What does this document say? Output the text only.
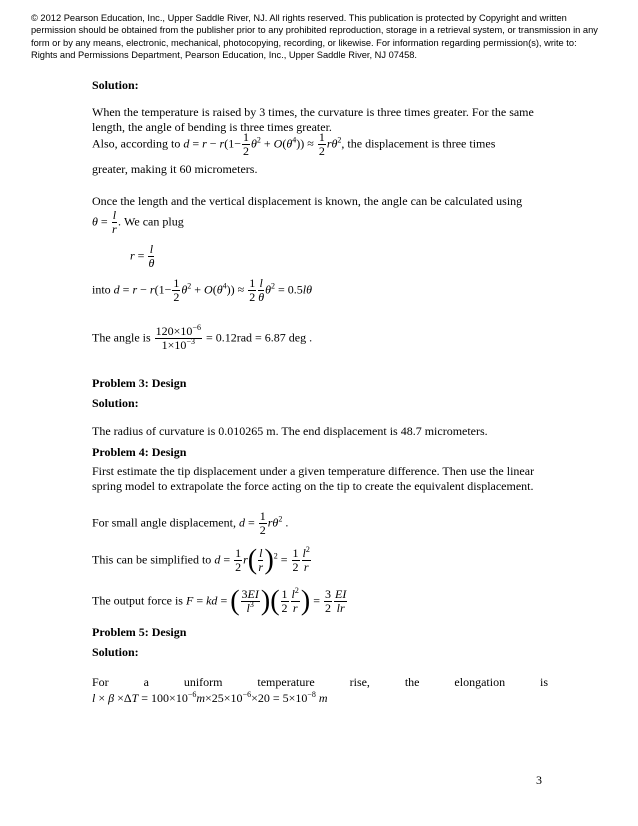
© 2012 Pearson Education, Inc., Upper Saddle River, NJ. All rights reserved. This publication is protected by Copyright and written permission should be obtained from the publisher prior to any prohibited reproduction, storage in a retrieval system, or transmission in any form or by any means, electronic, mechanical, photocopying, recording, or likewise. For information regarding permission(s), write to: Rights and Permissions Department, Pearson Education, Inc., Upper Saddle River, NJ 07458.
Solution:
When the temperature is raised by 3 times, the curvature is three times greater. For the same length, the angle of bending is three times greater.
Also, according to $d = r - r(1- \frac{1}{2} \theta^2 + O(\theta^4)) \approx \frac{1}{2} r\theta^2$, the displacement is three times
greater, making it 60 micrometers.
Once the length and the vertical displacement is known, the angle can be calculated using
$\theta = \frac{l}{r}$ . We can plug
$r = \frac{l}{\theta}$
into $d = r - r(1- \frac{1}{2} \theta^2 + O(\theta^4)) \approx \frac{1}{2} \frac{l}{\theta} \theta^2 = 0.5l\theta$
The angle is $\frac{120\times 10^{-6}}{1\times 10^{-3}} = 0.12rad = 6.87$ deg .
Problem 3: Design
Solution:
The radius of curvature is 0.010265 m. The end displacement is 48.7 micrometers.
Problem 4: Design
First estimate the tip displacement under a given temperature difference. Then use the linear spring model to extrapolate the force acting on the tip to create the equivalent displacement.
For small angle displacement, $d = \frac{1}{2} r\theta^2$ .
This can be simplified to $d = \frac{1}{2} r( \frac{l}{r} )^2 = \frac{1}{2} \frac{l^2}{r}$
The output force is F = kd = ( $\frac{3EI}{l^3}$ )( $\frac{1}{2} \frac{l^2}{r}$ ) = $\frac{3}{2} \frac{EI}{lr}$
Problem 5: Design
Solution:
For	a	uniform	temperature	rise,	the	elongation	is
$l \times \beta \times\Delta T = 100\times 10^{-6}m\times 25\times 10^{-6}\times 20 = 5\times 10^{-8}$ m
3
